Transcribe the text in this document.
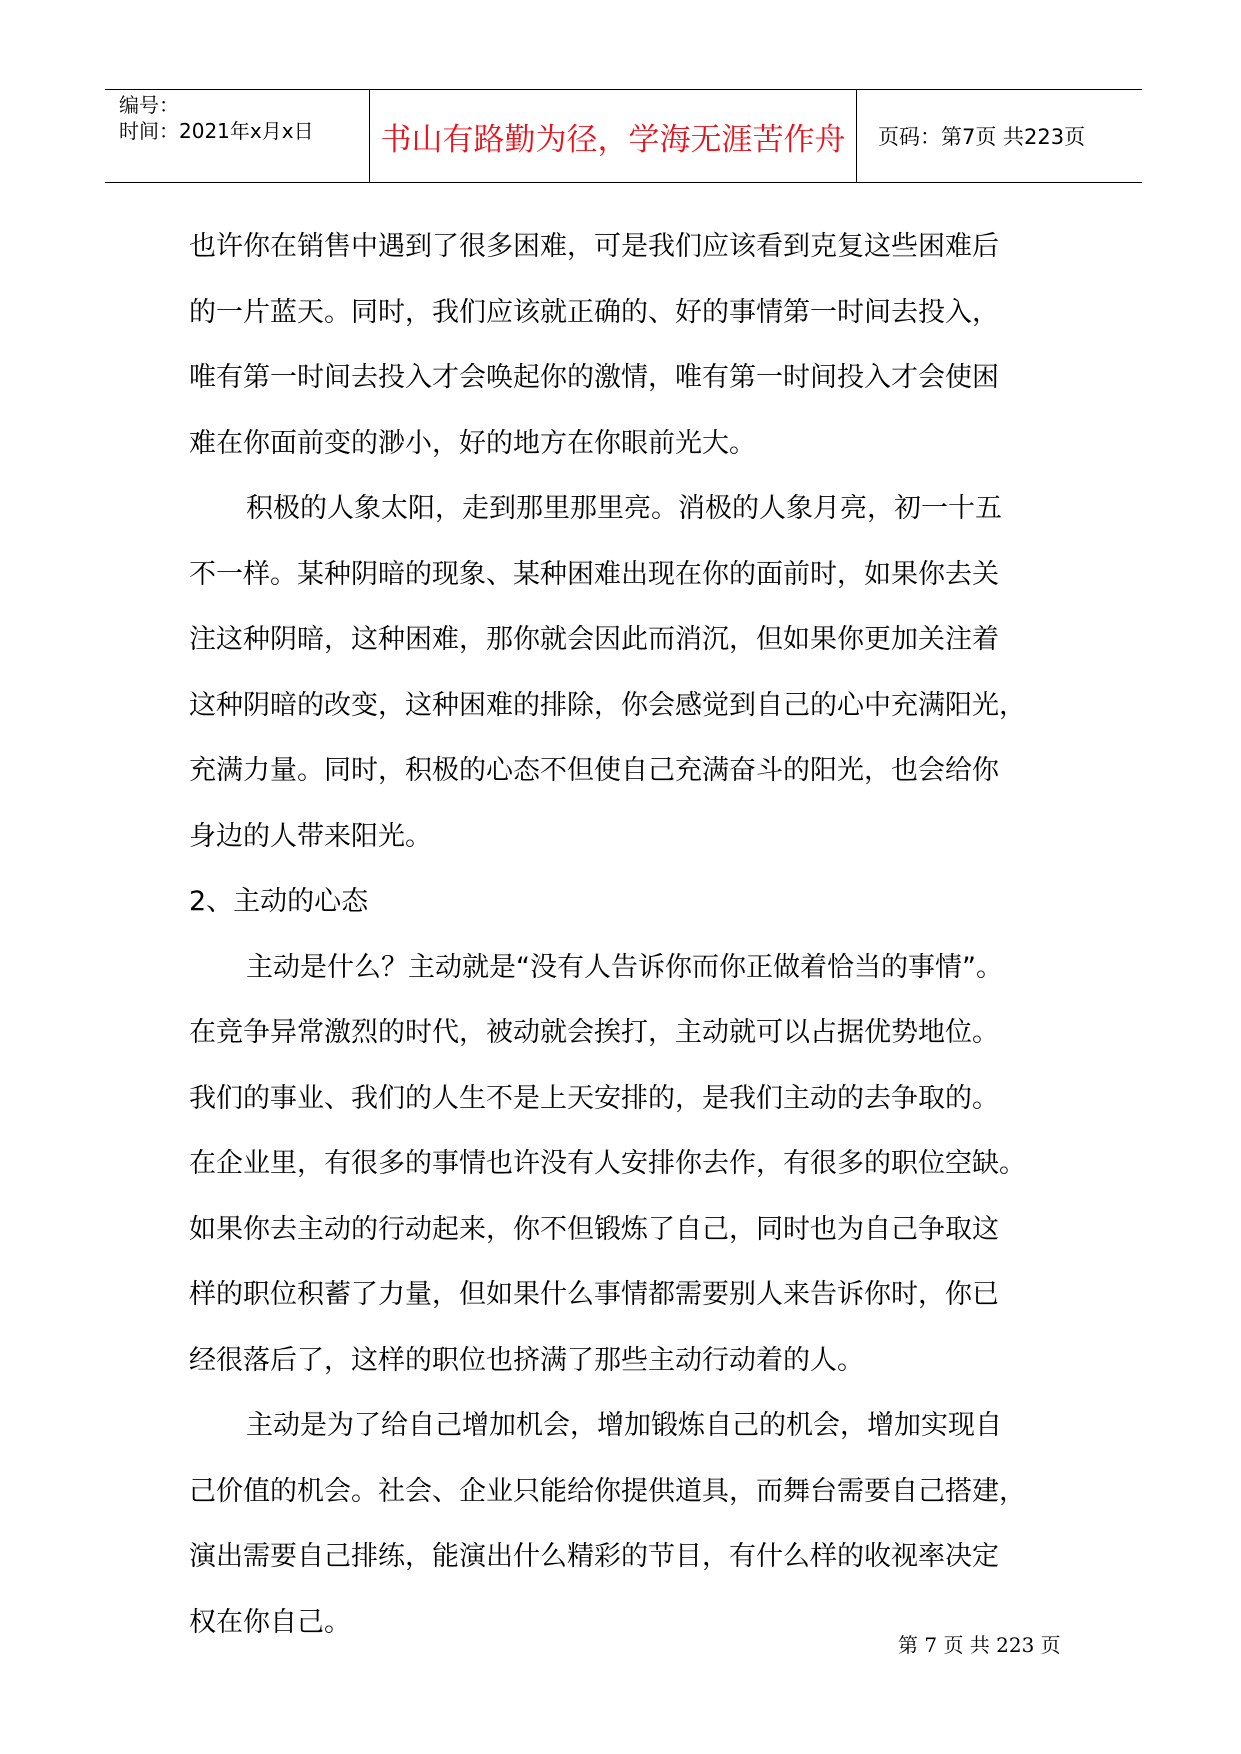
编号：
时间：2021年x月x日	书山有路勤为径，学海无涯苦作舟	页码：第7页 共223页
也许你在销售中遇到了很多困难，可是我们应该看到克复这些困难后
的一片蓝天。同时，我们应该就正确的、好的事情第一时间去投入，
唯有第一时间去投入才会唤起你的激情，唯有第一时间投入才会使困
难在你面前变的渺小，好的地方在你眼前光大。
积极的人象太阳，走到那里那里亮。消极的人象月亮，初一十五
不一样。某种阴暗的现象、某种困难出现在你的面前时，如果你去关
注这种阴暗，这种困难，那你就会因此而消沉，但如果你更加关注着
这种阴暗的改变，这种困难的排除，你会感觉到自己的心中充满阳光，
充满力量。同时，积极的心态不但使自己充满奋斗的阳光，也会给你
身边的人带来阳光。
2、主动的心态
主动是什么？主动就是“没有人告诉你而你正做着恰当的事情”。
在竞争异常激烈的时代，被动就会挨打，主动就可以占据优势地位。
我们的事业、我们的人生不是上天安排的，是我们主动的去争取的。
在企业里，有很多的事情也许没有人安排你去作，有很多的职位空缺。
如果你去主动的行动起来，你不但锻炼了自己，同时也为自己争取这
样的职位积蓄了力量，但如果什么事情都需要别人来告诉你时，你已
经很落后了，这样的职位也挤满了那些主动行动着的人。
主动是为了给自己增加机会，增加锻炼自己的机会，增加实现自
己价值的机会。社会、企业只能给你提供道具，而舞台需要自己搭建，
演出需要自己排练，能演出什么精彩的节目，有什么样的收视率决定
权在你自己。
第 7 页 共 223 页
